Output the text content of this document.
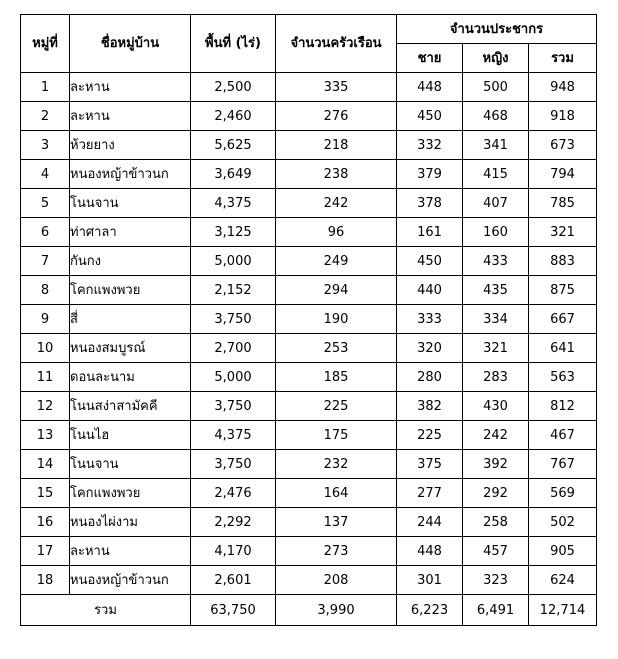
หมู่ที่	ชื่อหมู่บ้าน	พื้นที่ (ไร่)	จำนวนครัวเรือน	จำนวนประชากร		
				ชาย	หญิง	รวม
1	ละหาน	2,500	335	448	500	948
2	ละหาน	2,460	276	450	468	918
3	ห้วยยาง	5,625	218	332	341	673
4	หนองหญ้าข้าวนก	3,649	238	379	415	794
5	โนนจาน	4,375	242	378	407	785
6	ท่าศาลา	3,125	96	161	160	321
7	กันกง	5,000	249	450	433	883
8	โคกแพงพวย	2,152	294	440	435	875
9	สี่	3,750	190	333	334	667
10	หนองสมบูรณ์	2,700	253	320	321	641
11	ดอนละนาม	5,000	185	280	283	563
12	โนนสง่าสามัคคี	3,750	225	382	430	812
13	โนนไฮ	4,375	175	225	242	467
14	โนนจาน	3,750	232	375	392	767
15	โคกแพงพวย	2,476	164	277	292	569
16	หนองไผ่งาม	2,292	137	244	258	502
17	ละหาน	4,170	273	448	457	905
18	หนองหญ้าข้าวนก	2,601	208	301	323	624
รวม		63,750	3,990	6,223	6,491	12,714
